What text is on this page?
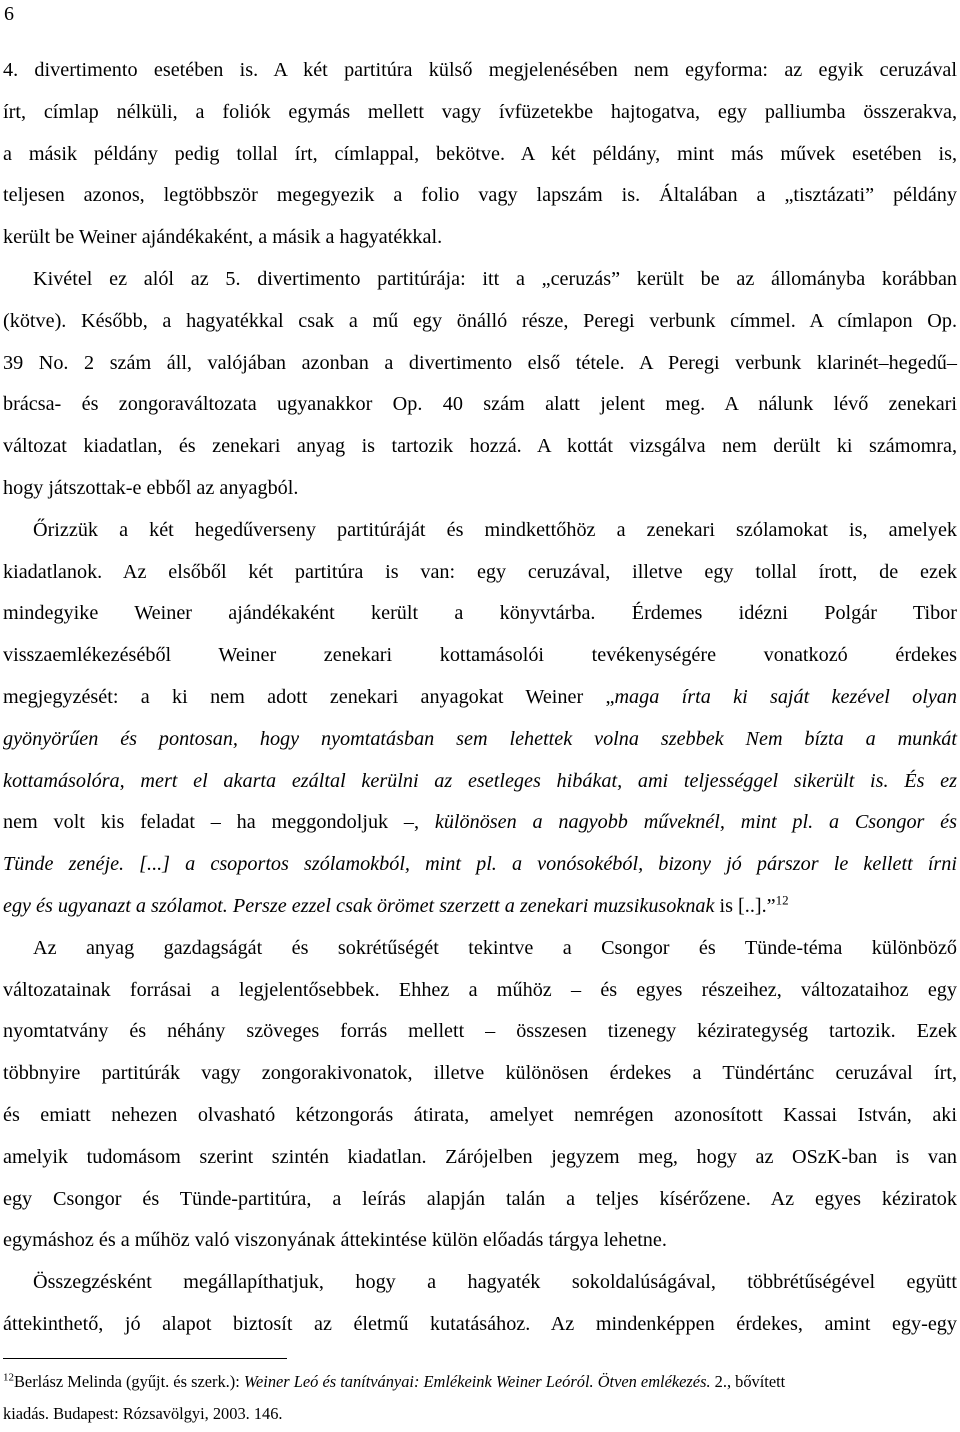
6
4. divertimento esetében is. A két partitúra külső megjelenésében nem egyforma: az egyik ceruzával
írt, címlap nélküli, a foliók egymás mellett vagy ívfüzetekbe hajtogatva, egy palliumba összerakva,
a másik példány pedig tollal írt, címlappal, bekötve. A két példány, mint más művek esetében is,
teljesen azonos, legtöbbször megegyezik a folio vagy lapszám is. Általában a „tisztázati” példány
került be Weiner ajándékaként, a másik a hagyatékkal.
Kivétel ez alól az 5. divertimento partitúrája: itt a „ceruzás” került be az állományba korábban
(kötve). Később, a hagyatékkal csak a mű egy önálló része, Peregi verbunk címmel. A címlapon Op.
39 No. 2 szám áll, valójában azonban a divertimento első tétele. A Peregi verbunk klarinét–hegedű–
brácsa- és zongoraváltozata ugyanakkor Op. 40 szám alatt jelent meg. A nálunk lévő zenekari
változat kiadatlan, és zenekari anyag is tartozik hozzá. A kottát vizsgálva nem derült ki számomra,
hogy játszottak-e ebből az anyagból.
Őrizzük a két hegedűverseny partitúráját és mindkettőhöz a zenekari szólamokat is, amelyek
kiadatlanok. Az elsőből két partitúra is van: egy ceruzával, illetve egy tollal írott, de ezek
mindegyike Weiner ajándékaként került a könyvtárba. Érdemes idézni Polgár Tibor
visszaemlékezéséből Weiner zenekari kottamásolói tevékenységére vonatkozó érdekes
megjegyzését: a ki nem adott zenekari anyagokat Weiner „maga írta ki saját kezével olyan
gyönyörűen és pontosan, hogy nyomtatásban sem lehettek volna szebbek Nem bízta a munkát
kottamásolóra, mert el akarta ezáltal kerülni az esetleges hibákat, ami teljességgel sikerült is. És ez
nem volt kis feladat – ha meggondoljuk –, különösen a nagyobb műveknél, mint pl. a Csongor és
Tünde zenéje. [...] a csoportos szólamokból, mint pl. a vonósokéból, bizony jó párszor le kellett írni
egy és ugyanazt a szólamot. Persze ezzel csak örömet szerzett a zenekari muzsikusoknak is [..].”$^{12}$
Az anyag gazdagságát és sokrétűségét tekintve a Csongor és Tünde-téma különböző
változatainak forrásai a legjelentősebbek. Ehhez a műhöz – és egyes részeihez, változataihoz egy
nyomtatvány és néhány szöveges forrás mellett – összesen tizenegy kézirategység tartozik. Ezek
többnyire partitúrák vagy zongorakivonatok, illetve különösen érdekes a Tündértánc ceruzával írt,
és emiatt nehezen olvasható kétzongorás átirata, amelyet nemrégen azonosított Kassai István, aki
amelyik tudomásom szerint szintén kiadatlan. Zárójelben jegyzem meg, hogy az OSzK-ban is van
egy Csongor és Tünde-partitúra, a leírás alapján talán a teljes kísérőzene. Az egyes kéziratok
egymáshoz és a műhöz való viszonyának áttekintése külön előadás tárgya lehetne.
Összegzésként megállapíthatjuk, hogy a hagyaték sokoldalúságával, többrétűségével együtt
áttekinthető, jó alapot biztosít az életmű kutatásához. Az mindenképpen érdekes, amint egy-egy
$^{12}$Berlász Melinda (gyűjt. és szerk.): Weiner Leó és tanítványai: Emlékeink Weiner Leóról. Ötven emlékezés. 2., bővített
kiadás. Budapest: Rózsavölgyi, 2003. 146.
